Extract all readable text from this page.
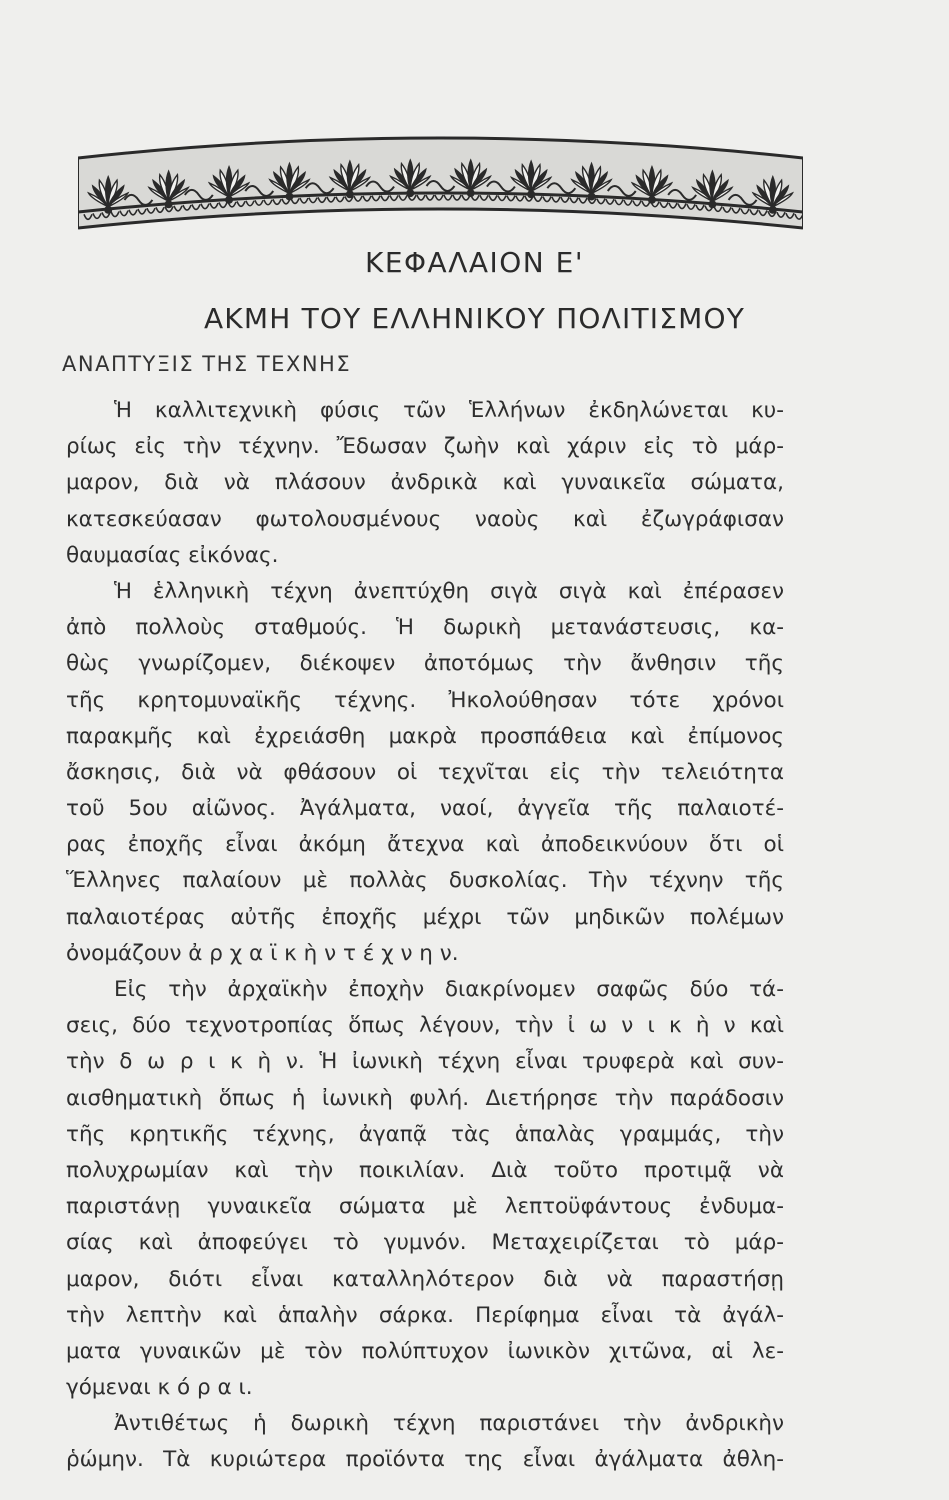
ΚΕΦΑΛΑΙΟΝ Ε'
ΑΚΜΗ ΤΟΥ ΕΛΛΗΝΙΚΟΥ ΠΟΛΙΤΙΣΜΟΥ
ΑΝΑΠΤΥΞΙΣ ΤΗΣ ΤΕΧΝΗΣ
Ἡ καλλιτεχνικὴ φύσις τῶν Ἑλλήνων ἐκδηλώνεται κυ-
ρίως εἰς τὴν τέχνην. Ἔδωσαν ζωὴν καὶ χάριν εἰς τὸ μάρ-
μαρον, διὰ νὰ πλάσουν ἀνδρικὰ καὶ γυναικεῖα σώματα,
κατεσκεύασαν φωτολουσμένους ναοὺς καὶ ἐζωγράφισαν
θαυμασίας εἰκόνας.
Ἡ ἑλληνικὴ τέχνη ἀνεπτύχθη σιγὰ σιγὰ καὶ ἐπέρασεν
ἀπὸ πολλοὺς σταθμούς. Ἡ δωρικὴ μετανάστευσις, κα-
θὼς γνωρίζομεν, διέκοψεν ἀποτόμως τὴν ἄνθησιν τῆς
τῆς κρητομυναϊκῆς τέχνης. Ἠκολούθησαν τότε χρόνοι
παρακμῆς καὶ ἐχρειάσθη μακρὰ προσπάθεια καὶ ἐπίμονος
ἄσκησις, διὰ νὰ φθάσουν οἱ τεχνῖται εἰς τὴν τελειότητα
τοῦ 5ου αἰῶνος. Ἀγάλματα, ναοί, ἀγγεῖα τῆς παλαιοτέ-
ρας ἐποχῆς εἶναι ἀκόμη ἄτεχνα καὶ ἀποδεικνύουν ὅτι οἱ
Ἕλληνες παλαίουν μὲ πολλὰς δυσκολίας. Τὴν τέχνην τῆς
παλαιοτέρας αὐτῆς ἐποχῆς μέχρι τῶν μηδικῶν πολέμων
ὀνομάζουν ἀ ρ χ α ϊ κ ὴ ν τ έ χ ν η ν.
Εἰς τὴν ἀρχαϊκὴν ἐποχὴν διακρίνομεν σαφῶς δύο τά-
σεις, δύο τεχνοτροπίας ὅπως λέγουν, τὴν ἰ ω ν ι κ ὴ ν καὶ
τὴν δ ω ρ ι κ ὴ ν. Ἡ ἰωνικὴ τέχνη εἶναι τρυφερὰ καὶ συν-
αισθηματικὴ ὅπως ἡ ἰωνικὴ φυλή. Διετήρησε τὴν παράδοσιν
τῆς κρητικῆς τέχνης, ἀγαπᾷ τὰς ἁπαλὰς γραμμάς, τὴν
πολυχρωμίαν καὶ τὴν ποικιλίαν. Διὰ τοῦτο προτιμᾷ νὰ
παριστάνῃ γυναικεῖα σώματα μὲ λεπτοϋφάντους ἐνδυμα-
σίας καὶ ἀποφεύγει τὸ γυμνόν. Μεταχειρίζεται τὸ μάρ-
μαρον, διότι εἶναι καταλληλότερον διὰ νὰ παραστήσῃ
τὴν λεπτὴν καὶ ἁπαλὴν σάρκα. Περίφημα εἶναι τὰ ἀγάλ-
ματα γυναικῶν μὲ τὸν πολύπτυχον ἰωνικὸν χιτῶνα, αἱ λε-
γόμεναι κ ό ρ α ι.
Ἀντιθέτως ἡ δωρικὴ τέχνη παριστάνει τὴν ἀνδρικὴν
ῥώμην. Τὰ κυριώτερα προϊόντα της εἶναι ἀγάλματα ἀθλη-
